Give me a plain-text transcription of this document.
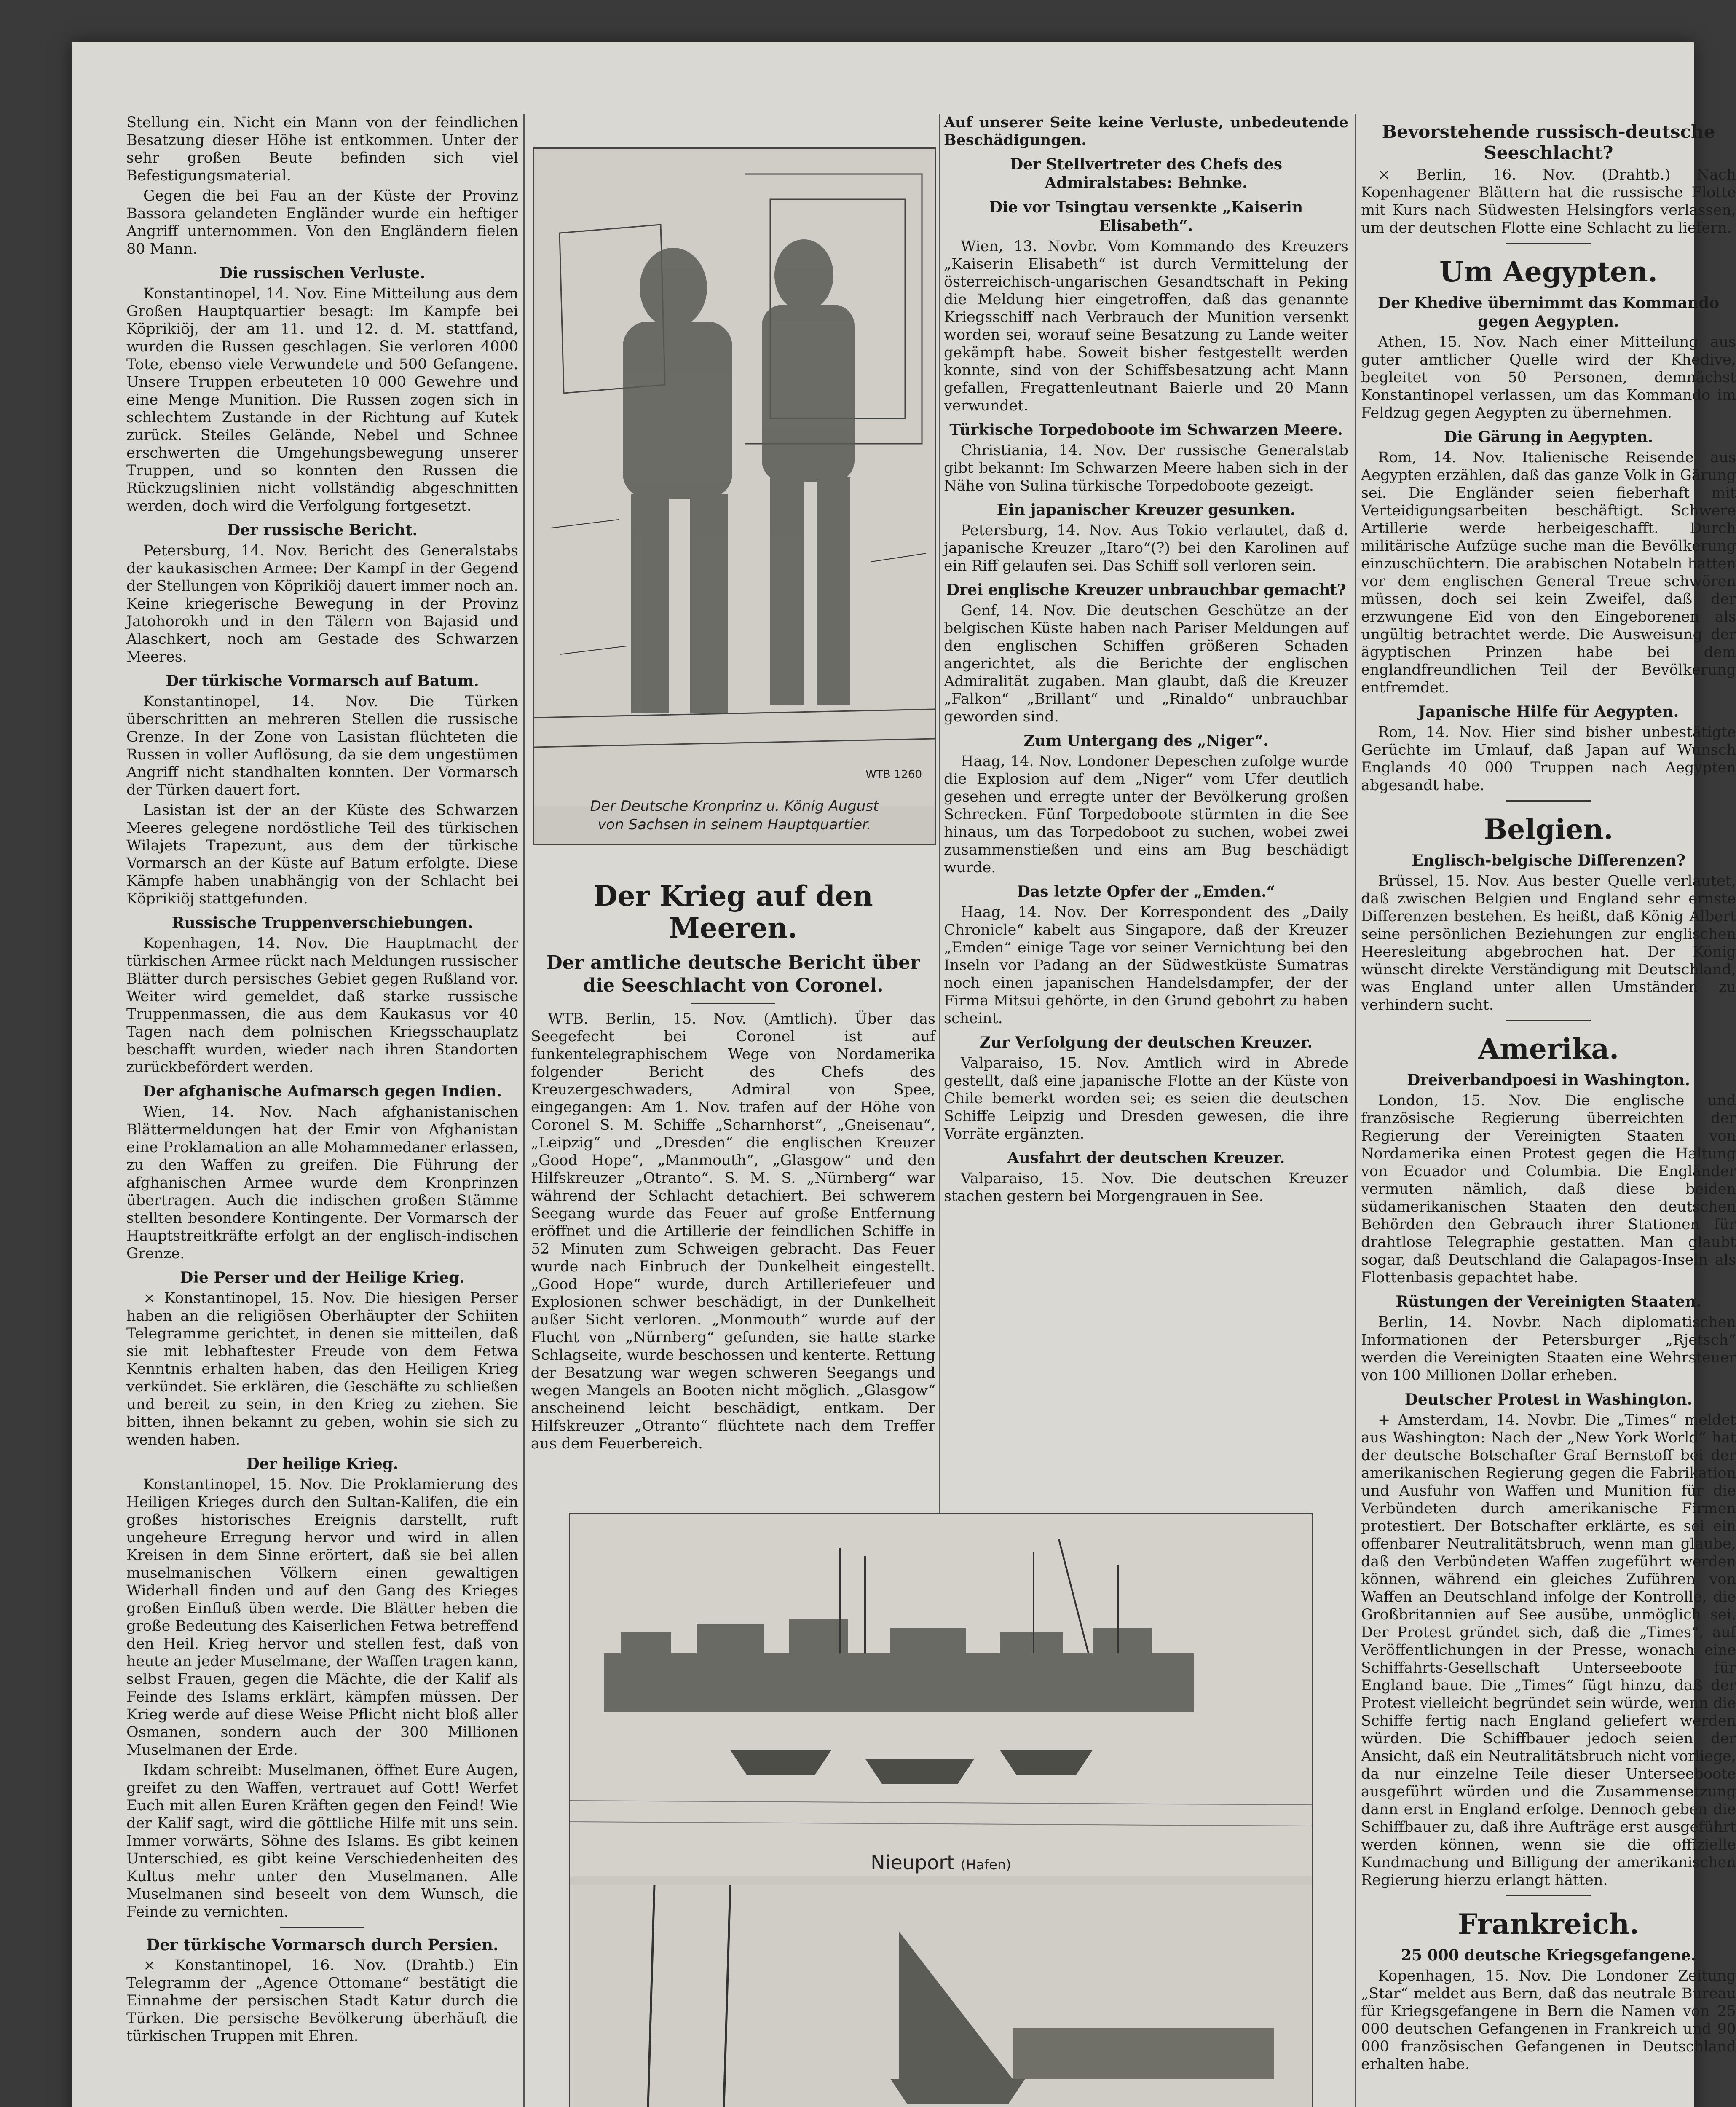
Stellung ein. Nicht ein Mann von der feindlichen Besatzung dieser Höhe ist entkommen. Unter der sehr großen Beute befinden sich viel Befestigungsmaterial.

Gegen die bei Fau an der Küste der Provinz Bassora gelandeten Engländer wurde ein heftiger Angriff unternommen. Von den Engländern fielen 80 Mann.

Die russischen Verluste.

Konstantinopel, 14. Nov. Eine Mitteilung aus dem Großen Hauptquartier besagt: Im Kampfe bei Köprikiöj, der am 11. und 12. d. M. stattfand, wurden die Russen geschlagen. Sie verloren 4000 Tote, ebenso viele Verwundete und 500 Gefangene. Unsere Truppen erbeuteten 10 000 Gewehre und eine Menge Munition. Die Russen zogen sich in schlechtem Zustande in der Richtung auf Kutek zurück. Steiles Gelände, Nebel und Schnee erschwerten die Umgehungsbewegung unserer Truppen, und so konnten den Russen die Rückzugslinien nicht vollständig abgeschnitten werden, doch wird die Verfolgung fortgesetzt.

Der russische Bericht.

Petersburg, 14. Nov. Bericht des Generalstabs der kaukasischen Armee: Der Kampf in der Gegend der Stellungen von Köprikiöj dauert immer noch an. Keine kriegerische Bewegung in der Provinz Jatohorokh und in den Tälern von Bajasid und Alaschkert, noch am Gestade des Schwarzen Meeres.

Der türkische Vormarsch auf Batum.

Konstantinopel, 14. Nov. Die Türken überschritten an mehreren Stellen die russische Grenze. In der Zone von Lasistan flüchteten die Russen in voller Auflösung, da sie dem ungestümen Angriff nicht standhalten konnten. Der Vormarsch der Türken dauert fort.

Lasistan ist der an der Küste des Schwarzen Meeres gelegene nordöstliche Teil des türkischen Wilajets Trapezunt, aus dem der türkische Vormarsch an der Küste auf Batum erfolgte. Diese Kämpfe haben unabhängig von der Schlacht bei Köprikiöj stattgefunden.

Russische Truppenverschiebungen.

Kopenhagen, 14. Nov. Die Hauptmacht der türkischen Armee rückt nach Meldungen russischer Blätter durch persisches Gebiet gegen Rußland vor. Weiter wird gemeldet, daß starke russische Truppenmassen, die aus dem Kaukasus vor 40 Tagen nach dem polnischen Kriegsschauplatz beschafft wurden, wieder nach ihren Standorten zurückbefördert werden.

Der afghanische Aufmarsch gegen Indien.

Wien, 14. Nov. Nach afghanistanischen Blättermeldungen hat der Emir von Afghanistan eine Proklamation an alle Mohammedaner erlassen, zu den Waffen zu greifen. Die Führung der afghanischen Armee wurde dem Kronprinzen übertragen. Auch die indischen großen Stämme stellten besondere Kontingente. Der Vormarsch der Hauptstreitkräfte erfolgt an der englisch-indischen Grenze.

Die Perser und der Heilige Krieg.

× Konstantinopel, 15. Nov. Die hiesigen Perser haben an die religiösen Oberhäupter der Schiiten Telegramme gerichtet, in denen sie mitteilen, daß sie mit lebhaftester Freude von dem Fetwa Kenntnis erhalten haben, das den Heiligen Krieg verkündet. Sie erklären, die Geschäfte zu schließen und bereit zu sein, in den Krieg zu ziehen. Sie bitten, ihnen bekannt zu geben, wohin sie sich zu wenden haben.

Der heilige Krieg.

Konstantinopel, 15. Nov. Die Proklamierung des Heiligen Krieges durch den Sultan-Kalifen, die ein großes historisches Ereignis darstellt, ruft ungeheure Erregung hervor und wird in allen Kreisen in dem Sinne erörtert, daß sie bei allen muselmanischen Völkern einen gewaltigen Widerhall finden und auf den Gang des Krieges großen Einfluß üben werde. Die Blätter heben die große Bedeutung des Kaiserlichen Fetwa betreffend den Heil. Krieg hervor und stellen fest, daß von heute an jeder Muselmane, der Waffen tragen kann, selbst Frauen, gegen die Mächte, die der Kalif als Feinde des Islams erklärt, kämpfen müssen. Der Krieg werde auf diese Weise Pflicht nicht bloß aller Osmanen, sondern auch der 300 Millionen Muselmanen der Erde.

Ikdam schreibt: Muselmanen, öffnet Eure Augen, greifet zu den Waffen, vertrauet auf Gott! Werfet Euch mit allen Euren Kräften gegen den Feind! Wie der Kalif sagt, wird die göttliche Hilfe mit uns sein. Immer vorwärts, Söhne des Islams. Es gibt keinen Unterschied, es gibt keine Verschiedenheiten des Kultus mehr unter den Muselmanen. Alle Muselmanen sind beseelt von dem Wunsch, die Feinde zu vernichten.

Der türkische Vormarsch durch Persien.

× Konstantinopel, 16. Nov. (Drahtb.) Ein Telegramm der „Agence Ottomane“ bestätigt die Einnahme der persischen Stadt Katur durch die Türken. Die persische Bevölkerung überhäuft die türkischen Truppen mit Ehren.

Der Deutsche Kronprinz u. König August
von Sachsen in seinem Hauptquartier.
WTB 1260
Der Krieg auf den Meeren.
Der amtliche deutsche Bericht über die Seeschlacht von Coronel.

WTB. Berlin, 15. Nov. (Amtlich). Über das Seegefecht bei Coronel ist auf funkentelegraphischem Wege von Nordamerika folgender Bericht des Chefs des Kreuzergeschwaders, Admiral von Spee, eingegangen: Am 1. Nov. trafen auf der Höhe von Coronel S. M. Schiffe „Scharnhorst“, „Gneisenau“, „Leipzig“ und „Dresden“ die englischen Kreuzer „Good Hope“, „Manmouth“, „Glasgow“ und den Hilfskreuzer „Otranto“. S. M. S. „Nürnberg“ war während der Schlacht detachiert. Bei schwerem Seegang wurde das Feuer auf große Entfernung eröffnet und die Artillerie der feindlichen Schiffe in 52 Minuten zum Schweigen gebracht. Das Feuer wurde nach Einbruch der Dunkelheit eingestellt. „Good Hope“ wurde, durch Artilleriefeuer und Explosionen schwer beschädigt, in der Dunkelheit außer Sicht verloren. „Monmouth“ wurde auf der Flucht von „Nürnberg“ gefunden, sie hatte starke Schlagseite, wurde beschossen und kenterte. Rettung der Besatzung war wegen schweren Seegangs und wegen Mangels an Booten nicht möglich. „Glasgow“ anscheinend leicht beschädigt, entkam. Der Hilfskreuzer „Otranto“ flüchtete nach dem Treffer aus dem Feuerbereich.

Auf unserer Seite keine Verluste, unbedeutende Beschädigungen.

Der Stellvertreter des Chefs des Admiralstabes: Behnke.
Die vor Tsingtau versenkte „Kaiserin Elisabeth“.

Wien, 13. Novbr. Vom Kommando des Kreuzers „Kaiserin Elisabeth“ ist durch Vermittelung der österreichisch-ungarischen Gesandtschaft in Peking die Meldung hier eingetroffen, daß das genannte Kriegsschiff nach Verbrauch der Munition versenkt worden sei, worauf seine Besatzung zu Lande weiter gekämpft habe. Soweit bisher festgestellt werden konnte, sind von der Schiffsbesatzung acht Mann gefallen, Fregattenleutnant Baierle und 20 Mann verwundet.

Türkische Torpedoboote im Schwarzen Meere.

Christiania, 14. Nov. Der russische Generalstab gibt bekannt: Im Schwarzen Meere haben sich in der Nähe von Sulina türkische Torpedoboote gezeigt.

Ein japanischer Kreuzer gesunken.

Petersburg, 14. Nov. Aus Tokio verlautet, daß d. japanische Kreuzer „Itaro“(?) bei den Karolinen auf ein Riff gelaufen sei. Das Schiff soll verloren sein.

Drei englische Kreuzer unbrauchbar gemacht?

Genf, 14. Nov. Die deutschen Geschütze an der belgischen Küste haben nach Pariser Meldungen auf den englischen Schiffen größeren Schaden angerichtet, als die Berichte der englischen Admiralität zugaben. Man glaubt, daß die Kreuzer „Falkon“ „Brillant“ und „Rinaldo“ unbrauchbar geworden sind.

Zum Untergang des „Niger“.

Haag, 14. Nov. Londoner Depeschen zufolge wurde die Explosion auf dem „Niger“ vom Ufer deutlich gesehen und erregte unter der Bevölkerung großen Schrecken. Fünf Torpedoboote stürmten in die See hinaus, um das Torpedoboot zu suchen, wobei zwei zusammenstießen und eins am Bug beschädigt wurde.

Das letzte Opfer der „Emden.“

Haag, 14. Nov. Der Korrespondent des „Daily Chronicle“ kabelt aus Singapore, daß der Kreuzer „Emden“ einige Tage vor seiner Vernichtung bei den Inseln vor Padang an der Südwestküste Sumatras noch einen japanischen Handelsdampfer, der der Firma Mitsui gehörte, in den Grund gebohrt zu haben scheint.

Zur Verfolgung der deutschen Kreuzer.

Valparaiso, 15. Nov. Amtlich wird in Abrede gestellt, daß eine japanische Flotte an der Küste von Chile bemerkt worden sei; es seien die deutschen Schiffe Leipzig und Dresden gewesen, die ihre Vorräte ergänzten.

Ausfahrt der deutschen Kreuzer.

Valparaiso, 15. Nov. Die deutschen Kreuzer stachen gestern bei Morgengrauen in See.

Nieuport (Hafen)
Bevorstehende russisch-deutsche Seeschlacht?

× Berlin, 16. Nov. (Drahtb.) Nach Kopenhagener Blättern hat die russische Flotte mit Kurs nach Südwesten Helsingfors verlassen, um der deutschen Flotte eine Schlacht zu liefern.

Um Aegypten.
Der Khedive übernimmt das Kommando gegen Aegypten.

Athen, 15. Nov. Nach einer Mitteilung aus guter amtlicher Quelle wird der Khedive, begleitet von 50 Personen, demnächst Konstantinopel verlassen, um das Kommando im Feldzug gegen Aegypten zu übernehmen.

Die Gärung in Aegypten.

Rom, 14. Nov. Italienische Reisende aus Aegypten erzählen, daß das ganze Volk in Gärung sei. Die Engländer seien fieberhaft mit Verteidigungsarbeiten beschäftigt. Schwere Artillerie werde herbeigeschafft. Durch militärische Aufzüge suche man die Bevölkerung einzuschüchtern. Die arabischen Notabeln hatten vor dem englischen General Treue schwören müssen, doch sei kein Zweifel, daß der erzwungene Eid von den Eingeborenen als ungültig betrachtet werde. Die Ausweisung der ägyptischen Prinzen habe bei dem englandfreundlichen Teil der Bevölkerung entfremdet.

Japanische Hilfe für Aegypten.

Rom, 14. Nov. Hier sind bisher unbestätigte Gerüchte im Umlauf, daß Japan auf Wunsch Englands 40 000 Truppen nach Aegypten abgesandt habe.

Belgien.
Englisch-belgische Differenzen?

Brüssel, 15. Nov. Aus bester Quelle verlautet, daß zwischen Belgien und England sehr ernste Differenzen bestehen. Es heißt, daß König Albert seine persönlichen Beziehungen zur englischen Heeresleitung abgebrochen hat. Der König wünscht direkte Verständigung mit Deutschland, was England unter allen Umständen zu verhindern sucht.

Amerika.
Dreiverbandpoesi in Washington.

London, 15. Nov. Die englische und französische Regierung überreichten der Regierung der Vereinigten Staaten von Nordamerika einen Protest gegen die Haltung von Ecuador und Columbia. Die Engländer vermuten nämlich, daß diese beiden südamerikanischen Staaten den deutschen Behörden den Gebrauch ihrer Stationen für drahtlose Telegraphie gestatten. Man glaubt sogar, daß Deutschland die Galapagos-Inseln als Flottenbasis gepachtet habe.

Rüstungen der Vereinigten Staaten.

Berlin, 14. Novbr. Nach diplomatischen Informationen der Petersburger „Rjetsch“ werden die Vereinigten Staaten eine Wehrsteuer von 100 Millionen Dollar erheben.

Deutscher Protest in Washington.

+ Amsterdam, 14. Novbr. Die „Times“ meldet aus Washington: Nach der „New York World“ hat der deutsche Botschafter Graf Bernstoff bei der amerikanischen Regierung gegen die Fabrikation und Ausfuhr von Waffen und Munition für die Verbündeten durch amerikanische Firmen protestiert. Der Botschafter erklärte, es sei ein offenbarer Neutralitätsbruch, wenn man glaube, daß den Verbündeten Waffen zugeführt werden können, während ein gleiches Zuführen von Waffen an Deutschland infolge der Kontrolle, die Großbritannien auf See ausübe, unmöglich sei. Der Protest gründet sich, daß die „Times“, auf Veröffentlichungen in der Presse, wonach eine Schiffahrts-Gesellschaft Unterseeboote für England baue. Die „Times“ fügt hinzu, daß der Protest vielleicht begründet sein würde, wenn die Schiffe fertig nach England geliefert werden würden. Die Schiffbauer jedoch seien der Ansicht, daß ein Neutralitätsbruch nicht vorliege, da nur einzelne Teile dieser Unterseeboote ausgeführt würden und die Zusammensetzung dann erst in England erfolge. Dennoch geben die Schiffbauer zu, daß ihre Aufträge erst ausgeführt werden können, wenn sie die offizielle Kundmachung und Billigung der amerikanischen Regierung hierzu erlangt hätten.

Frankreich.
25 000 deutsche Kriegsgefangene.

Kopenhagen, 15. Nov. Die Londoner Zeitung „Star“ meldet aus Bern, daß das neutrale Bureau für Kriegsgefangene in Bern die Namen von 25 000 deutschen Gefangenen in Frankreich und 90 000 französischen Gefangenen in Deutschland erhalten habe.
